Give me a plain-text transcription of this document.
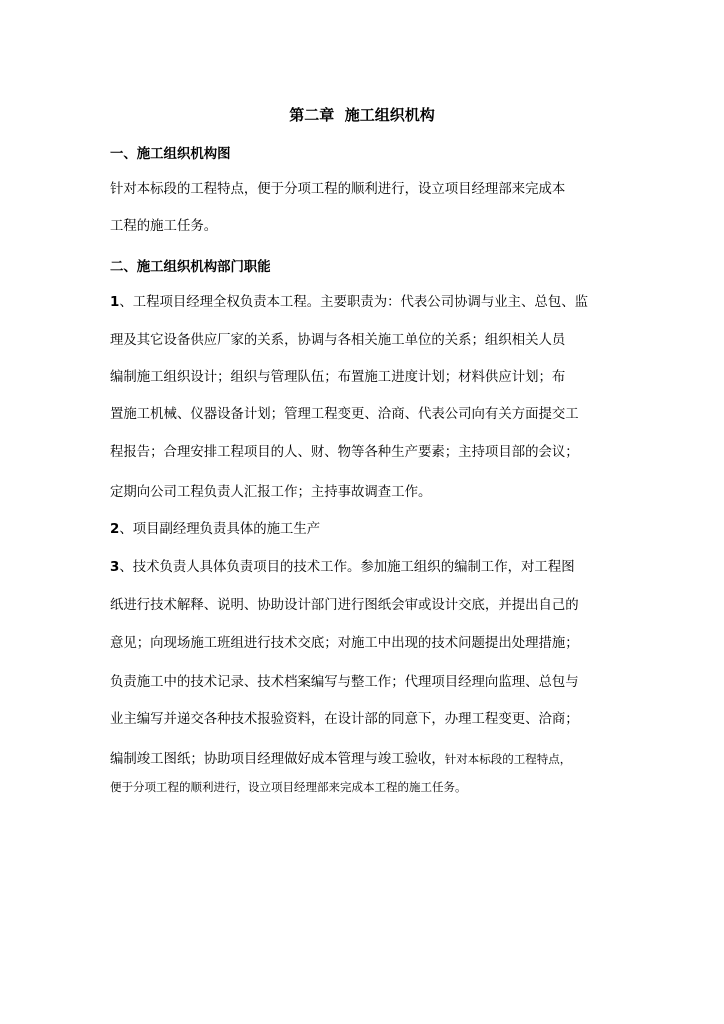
第二章  施工组织机构
一、施工组织机构图
针对本标段的工程特点，便于分项工程的顺利进行，设立项目经理部来完成本
工程的施工任务。
二、施工组织机构部门职能
1、工程项目经理全权负责本工程。主要职责为：代表公司协调与业主、总包、监
理及其它设备供应厂家的关系，协调与各相关施工单位的关系；组织相关人员
编制施工组织设计；组织与管理队伍；布置施工进度计划；材料供应计划；布
置施工机械、仪器设备计划；管理工程变更、洽商、代表公司向有关方面提交工
程报告；合理安排工程项目的人、财、物等各种生产要素；主持项目部的会议；
定期向公司工程负责人汇报工作；主持事故调查工作。
2、项目副经理负责具体的施工生产
3、技术负责人具体负责项目的技术工作。参加施工组织的编制工作，对工程图
纸进行技术解释、说明、协助设计部门进行图纸会审或设计交底，并提出自己的
意见；向现场施工班组进行技术交底；对施工中出现的技术问题提出处理措施；
负责施工中的技术记录、技术档案编写与整工作；代理项目经理向监理、总包与
业主编写并递交各种技术报验资料，在设计部的同意下，办理工程变更、洽商；
编制竣工图纸；协助项目经理做好成本管理与竣工验收，针对本标段的工程特点，
便于分项工程的顺利进行，设立项目经理部来完成本工程的施工任务。
